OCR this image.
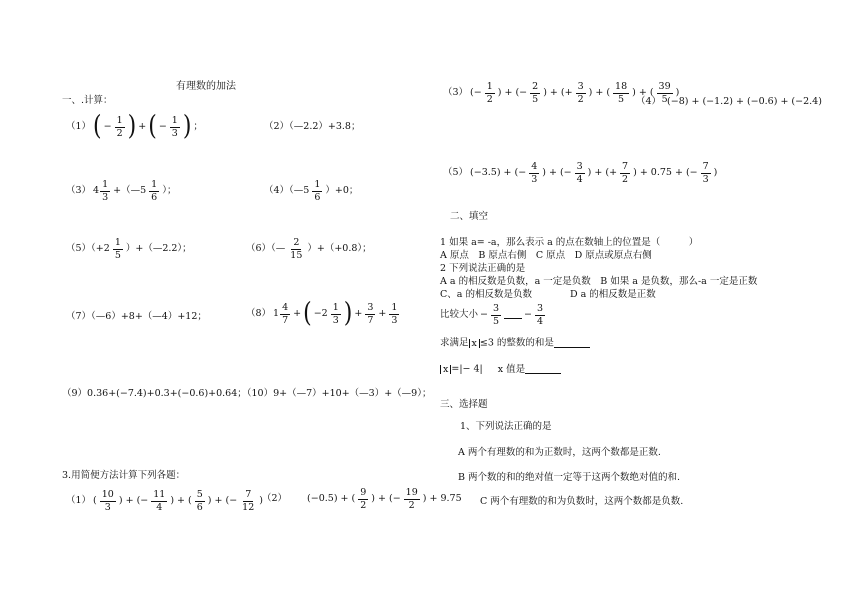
有理数的加法
一、.计算：
（1） ( − $\frac{1}{2}$ ) + ( − $\frac{1}{3}$ ) ；	（2）（—2.2）+3.8；
（3） $4 \frac{1}{3}$ +（—5 $\frac{1}{6}$ ）；	（4）（—5 $\frac{1}{6} )+0$；
$(5)(+2 \frac{1}{5}$ ）+（—2.2）；	（6）（— $\frac{2}{15} )+(+0.8)$；
（7）（—6）+8+（—4）+12；	（8） $1 \frac{4}{7}$ + ( $-2 \frac{1}{3}$ ) + $\frac{3}{7} + \frac{1}{3}$
（9）0.36+(−7.4)+0.3+(−0.6)+0.64；（10）9+（—7）+10+（—3）+（—9）；
3.用简便方法计算下列各题：
（1） ( $\frac{10}{3}$ ) + (− $\frac{11}{4}$ ) + ( $\frac{5}{6}$ ) + (− $\frac{7}{12}$ ) （2） (−0.5) + ( $\frac{9}{2}$ ) + (− $\frac{19}{2}$ ) + 9.75
（3） (− $\frac{1}{2}$ ) + (− $\frac{2}{5}$ ) + (+ $\frac{3}{2}$ ) + ( $\frac{18}{5}$ ) + ( $\frac{39}{5}$ )
（4） (−8) + (−1.2) + (−0.6) + (−2.4)
（5） (−3.5) + (− $\frac{4}{3}$ ) + (− $\frac{3}{4}$ ) + (+ $\frac{7}{2}$ ) + 0.75 + (− $\frac{7}{3}$ )
二、填空
1 如果 a= -a，那么表示 a 的点在数轴上的位置是（　　　）
A 原点　B 原点右侧　C 原点　D 原点或原点右侧
2 下列说法正确的是
A a 的相反数是负数，a 一定是负数　B 如果 a 是负数，那么-a 一定是正数
C、a 的相反数是负数　　　　D a 的相反数是正数
比较大小 − $\frac{3}{5} - \frac{3}{4}$
求满足 x ≤3 的整数的和是
x =|− 4| x 值是
三、选择题
1、下列说法正确的是
A 两个有理数的和为正数时，这两个数都是正数.
B 两个数的和的绝对值一定等于这两个数绝对值的和.
C 两个有理数的和为负数时，这两个数都是负数.
